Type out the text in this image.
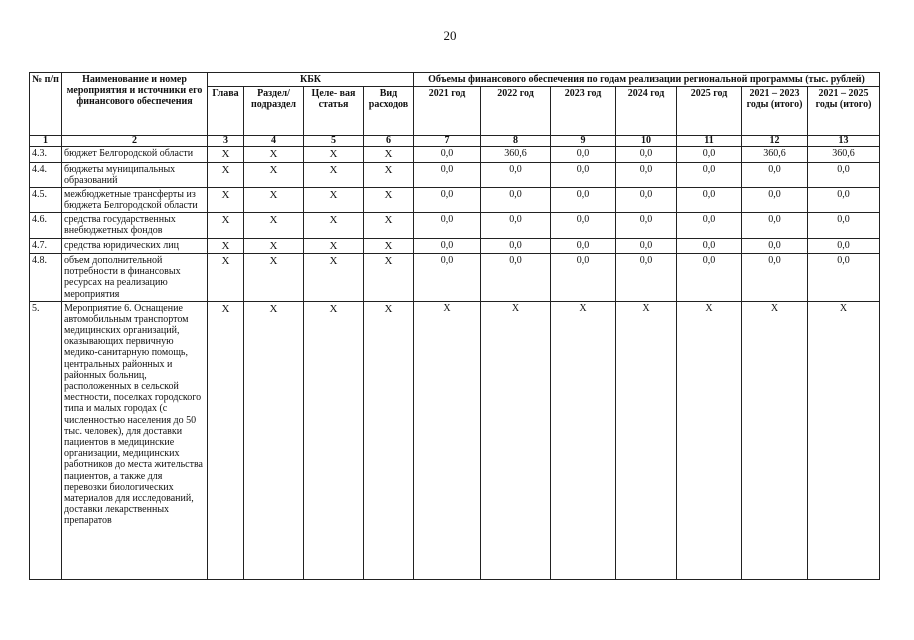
20
№ п/п	Наименование и номер мероприятия и источники его финансового обеспечения	КБК				Объемы финансового обеспечения по годам реализации региональной программы (тыс. рублей)						
		Глава	Раздел/ подраздел	Целе- вая статья	Вид расходов	2021 год	2022 год	2023 год	2024 год	2025 год	2021 – 2023 годы (итого)	2021 – 2025 годы (итого)
1	2	3	4	5	6	7	8	9	10	11	12	13
4.3.	бюджет Белгородской области	X	X	X	X	0,0	360,6	0,0	0,0	0,0	360,6	360,6
4.4.	бюджеты муниципальных образований	X	X	X	X	0,0	0,0	0,0	0,0	0,0	0,0	0,0
4.5.	межбюджетные трансферты из бюджета Белгородской области	X	X	X	X	0,0	0,0	0,0	0,0	0,0	0,0	0,0
4.6.	средства государственных внебюджетных фондов	X	X	X	X	0,0	0,0	0,0	0,0	0,0	0,0	0,0
4.7.	средства юридических лиц	X	X	X	X	0,0	0,0	0,0	0,0	0,0	0,0	0,0
4.8.	объем дополнительной потребности в финансовых ресурсах на реализацию мероприятия	X	X	X	X	0,0	0,0	0,0	0,0	0,0	0,0	0,0
5.	Мероприятие 6. Оснащение автомобильным транспортом медицинских организаций, оказывающих первичную медико-санитарную помощь, центральных районных и районных больниц, расположенных в сельской местности, поселках городского типа и малых городах (с численностью населения до 50 тыс. человек), для доставки пациентов в медицинские организации, медицинских работников до места жительства пациентов, а также для перевозки биологических материалов для исследований, доставки лекарственных препаратов	X	X	X	X	X	X	X	X	X	X	X
